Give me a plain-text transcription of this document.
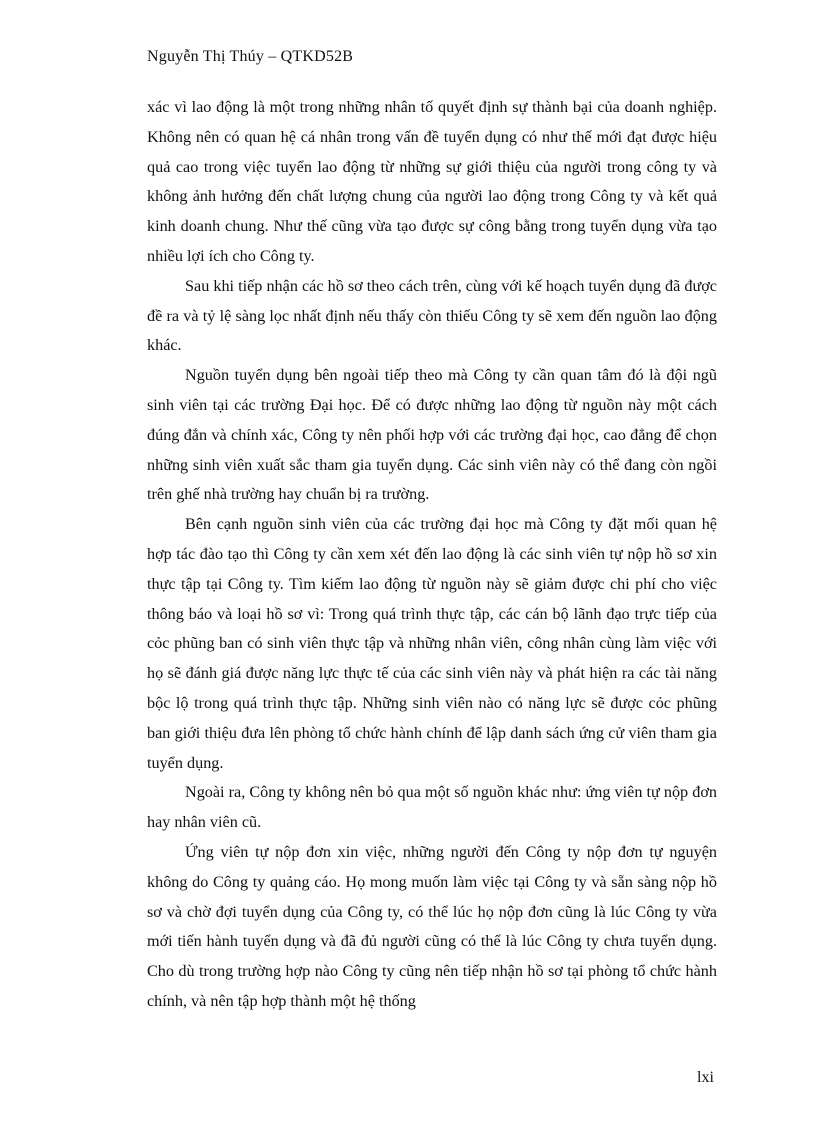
Nguyễn Thị Thúy – QTKD52B

xác vì lao động là một trong những nhân tố quyết định sự thành bại của doanh nghiệp. Không nên có quan hệ cá nhân trong vấn đề tuyển dụng có như thế mới đạt được hiệu quả cao trong việc tuyển lao động từ những sự giới thiệu của người trong công ty và không ảnh hưởng đến chất lượng chung của người lao động trong Công ty và kết quả kinh doanh chung. Như thế cũng vừa tạo được sự công bằng trong tuyển dụng vừa tạo nhiều lợi ích cho Công ty.

Sau khi tiếp nhận các hồ sơ theo cách trên, cùng với kế hoạch tuyển dụng đã được đề ra và tỷ lệ sàng lọc nhất định nếu thấy còn thiếu Công ty sẽ xem đến nguồn lao động khác.

Nguồn tuyển dụng bên ngoài tiếp theo mà Công ty cần quan tâm đó là đội ngũ sinh viên tại các trường Đại học. Để có được những lao động từ nguồn này một cách đúng đắn và chính xác, Công ty nên phối hợp với các trường đại học, cao đẳng để chọn những sinh viên xuất sắc tham gia tuyển dụng. Các sinh viên này có thể đang còn ngồi trên ghế nhà trường hay chuẩn bị ra trường.

Bên cạnh nguồn sinh viên của các trường đại học mà Công ty đặt mối quan hệ hợp tác đào tạo thì Công ty cần xem xét đến lao động là các sinh viên tự nộp hồ sơ xin thực tập tại Công ty. Tìm kiếm lao động từ nguồn này sẽ giảm được chi phí cho việc thông báo và loại hồ sơ vì: Trong quá trình thực tập, các cán bộ lãnh đạo trực tiếp của cỏc phũng ban có sinh viên thực tập và những nhân viên, công nhân cùng làm việc với họ sẽ đánh giá được năng lực thực tế của các sinh viên này và phát hiện ra các tài năng bộc lộ trong quá trình thực tập. Những sinh viên nào có năng lực sẽ được cỏc phũng ban giới thiệu đưa lên phòng tổ chức hành chính để lập danh sách ứng cử viên tham gia tuyển dụng.

Ngoài ra, Công ty không nên bỏ qua một số nguồn khác như: ứng viên tự nộp đơn hay nhân viên cũ.

Ứng viên tự nộp đơn xin việc, những người đến Công ty nộp đơn tự nguyện không do Công ty quảng cáo. Họ mong muốn làm việc tại Công ty và sẵn sàng nộp hồ sơ và chờ đợi tuyển dụng của Công ty, có thể lúc họ nộp đơn cũng là lúc Công ty vừa mới tiến hành tuyển dụng và đã đủ người cũng có thể là lúc Công ty chưa tuyển dụng. Cho dù trong trường hợp nào Công ty cũng nên tiếp nhận hồ sơ tại phòng tổ chức hành chính, và nên tập hợp thành một hệ thống

lxi
